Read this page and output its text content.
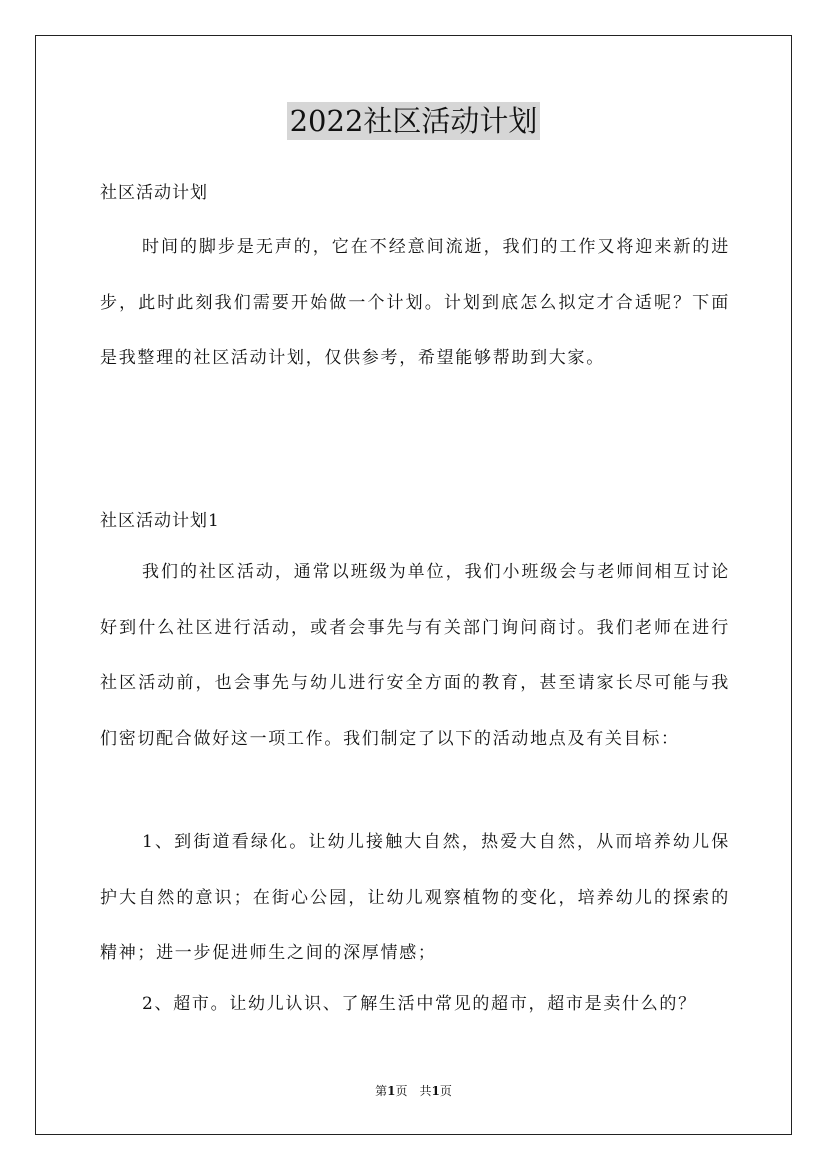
2022社区活动计划
社区活动计划

时间的脚步是无声的，它在不经意间流逝，我们的工作又将迎来新的进步，此时此刻我们需要开始做一个计划。计划到底怎么拟定才合适呢？下面是我整理的社区活动计划，仅供参考，希望能够帮助到大家。

社区活动计划1

我们的社区活动，通常以班级为单位，我们小班级会与老师间相互讨论好到什么社区进行活动，或者会事先与有关部门询问商讨。我们老师在进行社区活动前，也会事先与幼儿进行安全方面的教育，甚至请家长尽可能与我们密切配合做好这一项工作。我们制定了以下的活动地点及有关目标：

1、到街道看绿化。让幼儿接触大自然，热爱大自然，从而培养幼儿保护大自然的意识；在街心公园，让幼儿观察植物的变化，培养幼儿的探索的精神；进一步促进师生之间的深厚情感；

2、超市。让幼儿认识、了解生活中常见的超市，超市是卖什么的？

第1页　共1页
